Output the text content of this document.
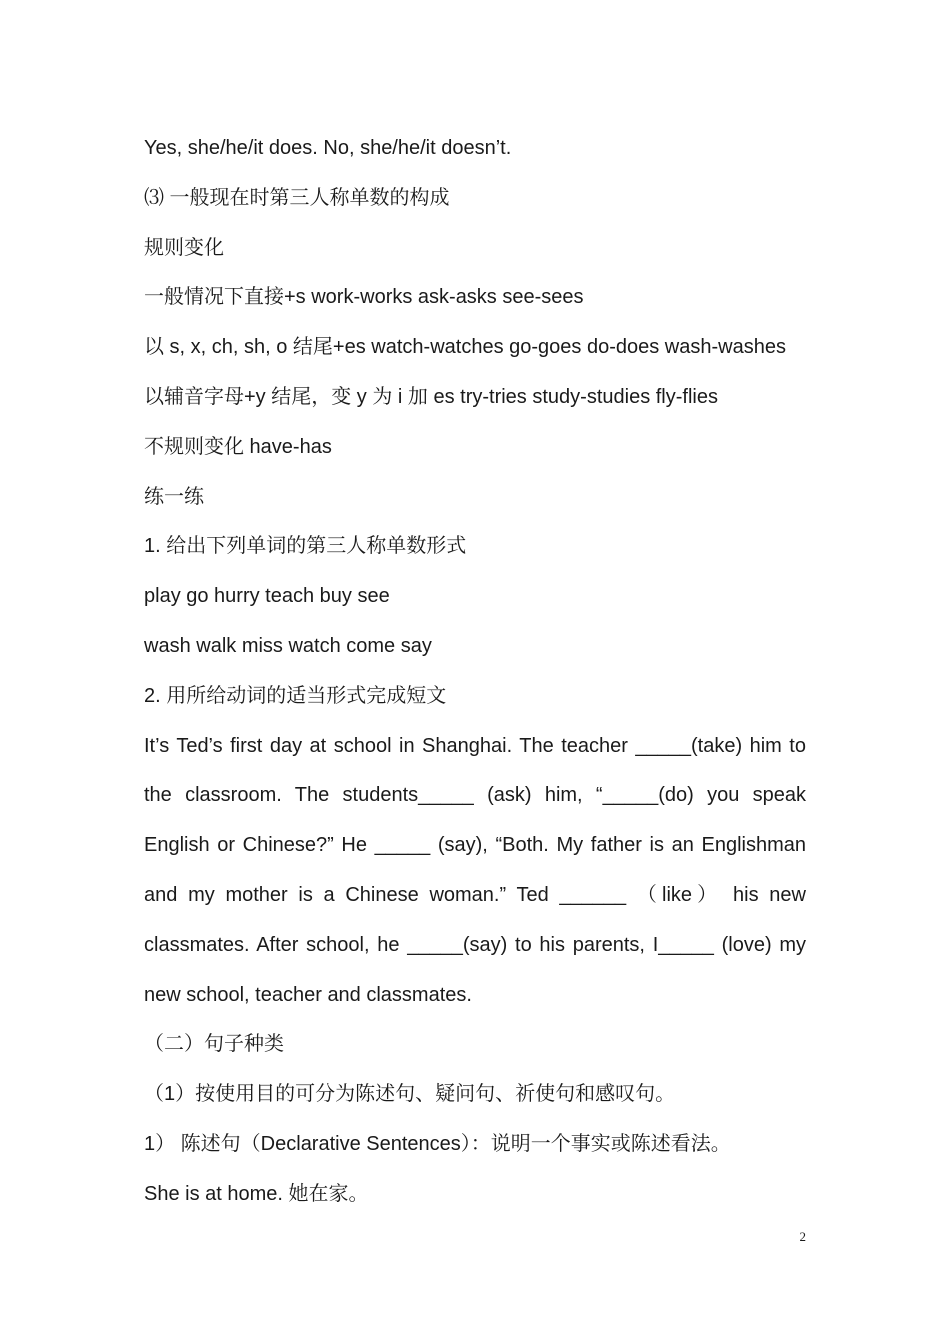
Yes, she/he/it does. No, she/he/it doesn’t.
⑶ 一般现在时第三人称单数的构成
规则变化
一般情况下直接+s work-works ask-asks see-sees
以 s, x, ch, sh, o 结尾+es watch-watches go-goes do-does wash-washes
以辅音字母+y 结尾，变 y 为 i 加 es try-tries study-studies fly-flies
不规则变化 have-has
练一练
1. 给出下列单词的第三人称单数形式
play go hurry teach buy see
wash walk miss watch come say
2. 用所给动词的适当形式完成短文
It’s Ted’s first day at school in Shanghai. The teacher _____(take) him to the classroom. The students_____ (ask) him, “_____(do) you speak English or Chinese?” He _____ (say), “Both. My father is an Englishman and my mother is a Chinese woman.” Ted ______ （like） his new classmates. After school, he _____(say) to his parents, I_____ (love) my new school, teacher and classmates.
（二）句子种类
（1）按使用目的可分为陈述句、疑问句、祈使句和感叹句。
1） 陈述句（Declarative Sentences）：说明一个事实或陈述看法。
She is at home. 她在家。
2
